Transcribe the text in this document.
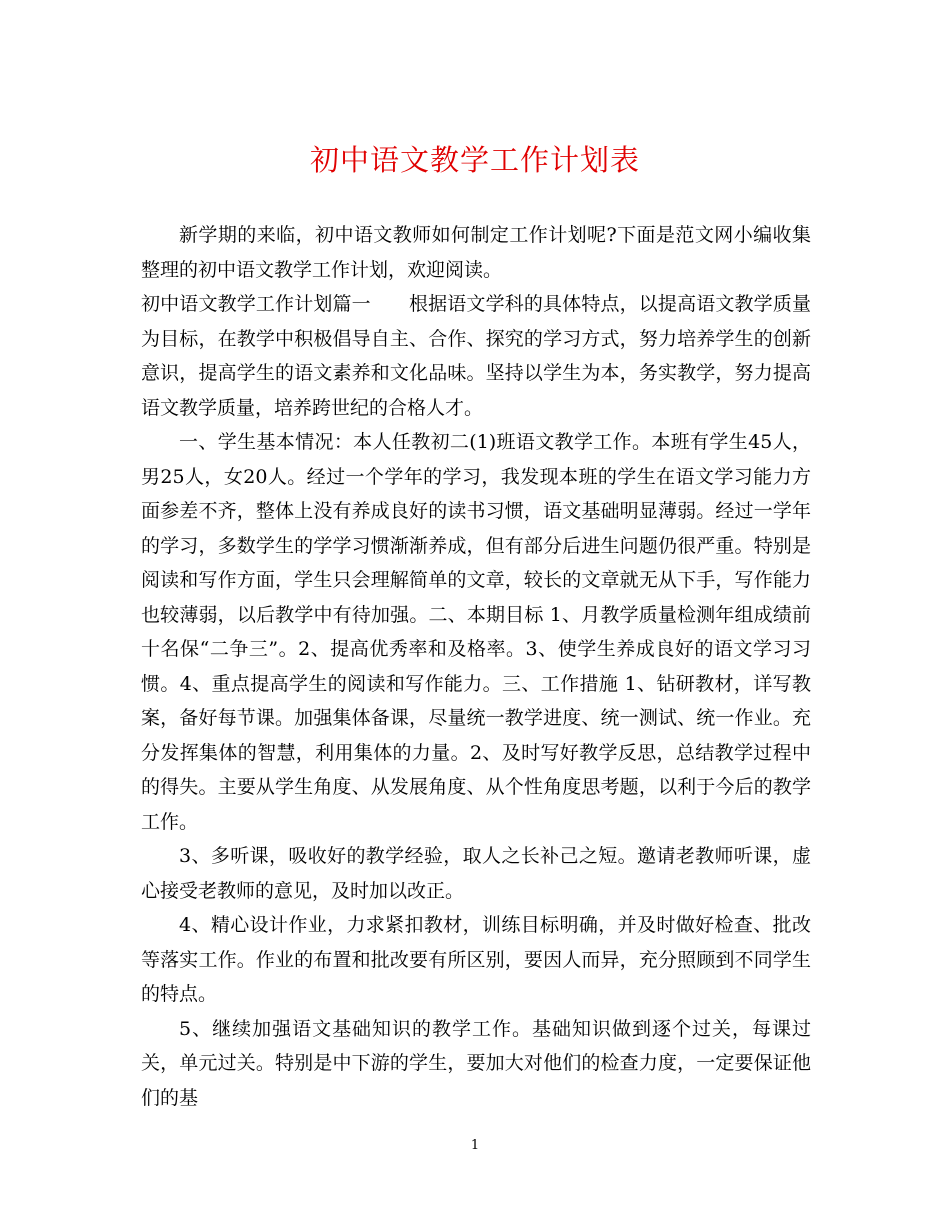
初中语文教学工作计划表

新学期的来临，初中语文教师如何制定工作计划呢?下面是范文网小编收集整理的初中语文教学工作计划，欢迎阅读。

初中语文教学工作计划篇一 根据语文学科的具体特点，以提高语文教学质量为目标，在教学中积极倡导自主、合作、探究的学习方式，努力培养学生的创新意识，提高学生的语文素养和文化品味。坚持以学生为本，务实教学，努力提高语文教学质量，培养跨世纪的合格人才。

一、学生基本情况：本人任教初二(1)班语文教学工作。本班有学生45人，男25人，女20人。经过一个学年的学习，我发现本班的学生在语文学习能力方面参差不齐，整体上没有养成良好的读书习惯，语文基础明显薄弱。经过一学年的学习，多数学生的学学习惯渐渐养成，但有部分后进生问题仍很严重。特别是阅读和写作方面，学生只会理解简单的文章，较长的文章就无从下手，写作能力也较薄弱，以后教学中有待加强。二、本期目标 1、月教学质量检测年组成绩前十名保“二争三”。2、提高优秀率和及格率。3、使学生养成良好的语文学习习惯。4、重点提高学生的阅读和写作能力。三、工作措施 1、钻研教材，详写教案，备好每节课。加强集体备课，尽量统一教学进度、统一测试、统一作业。充分发挥集体的智慧，利用集体的力量。2、及时写好教学反思，总结教学过程中的得失。主要从学生角度、从发展角度、从个性角度思考题，以利于今后的教学工作。

3、多听课，吸收好的教学经验，取人之长补己之短。邀请老教师听课，虚心接受老教师的意见，及时加以改正。

4、精心设计作业，力求紧扣教材，训练目标明确，并及时做好检查、批改等落实工作。作业的布置和批改要有所区别，要因人而异，充分照顾到不同学生的特点。

5、继续加强语文基础知识的教学工作。基础知识做到逐个过关，每课过关，单元过关。特别是中下游的学生，要加大对他们的检查力度，一定要保证他们的基

1
